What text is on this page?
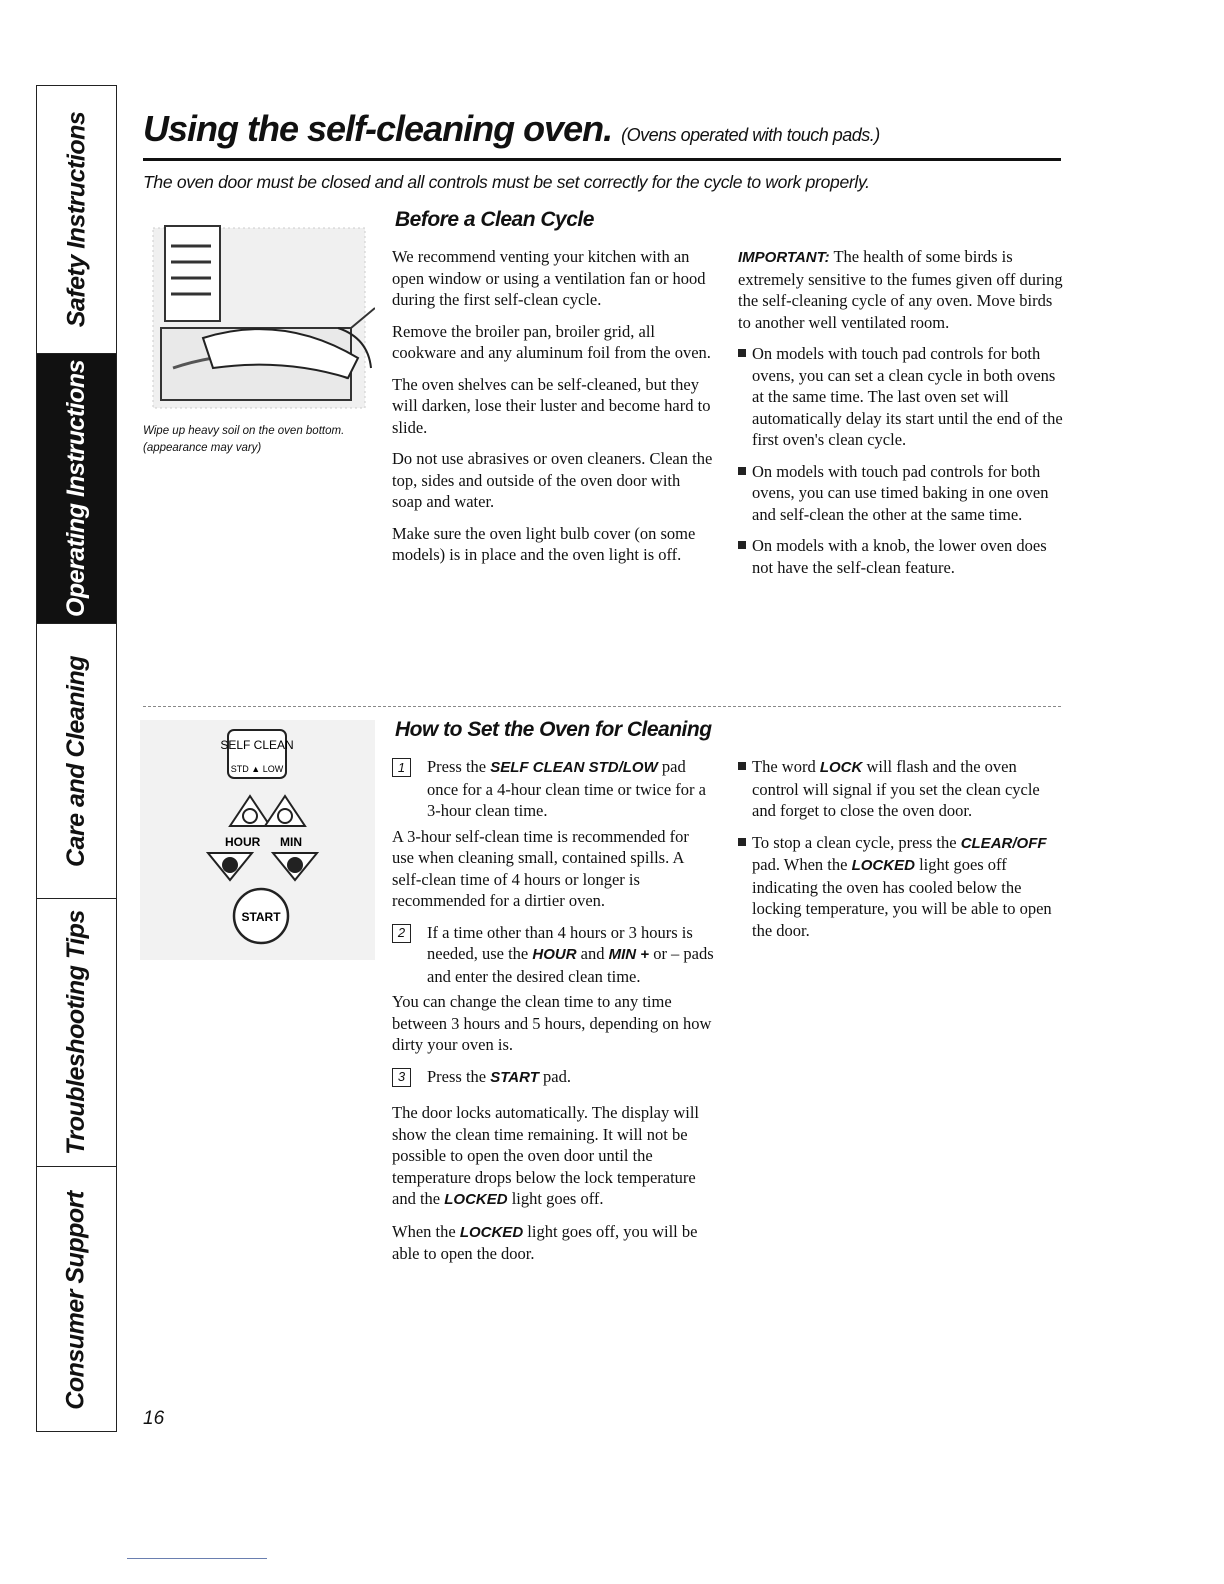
Safety Instructions
Operating Instructions
Care and Cleaning
Troubleshooting Tips
Consumer Support
Using the self-cleaning oven. (Ovens operated with touch pads.)
The oven door must be closed and all controls must be set correctly for the cycle to work properly.
Wipe up heavy soil on the oven bottom. (appearance may vary)
Before a Clean Cycle

We recommend venting your kitchen with an open window or using a ventilation fan or hood during the first self-clean cycle.

Remove the broiler pan, broiler grid, all cookware and any aluminum foil from the oven.

The oven shelves can be self-cleaned, but they will darken, lose their luster and become hard to slide.

Do not use abrasives or oven cleaners. Clean the top, sides and outside of the oven door with soap and water.

Make sure the oven light bulb cover (on some models) is in place and the oven light is off.

IMPORTANT: The health of some birds is extremely sensitive to the fumes given off during the self-cleaning cycle of any oven. Move birds to another well ventilated room.

On models with touch pad controls for both ovens, you can set a clean cycle in both ovens at the same time. The last oven set will automatically delay its start until the end of the first oven's clean cycle.
On models with touch pad controls for both ovens, you can use timed baking in one oven and self-clean the other at the same time.
On models with a knob, the lower oven does not have the self-clean feature.
SELF CLEAN
STD ▲ LOW
HOUR MIN
START
How to Set the Oven for Cleaning
1	Press the SELF CLEAN STD/LOW pad once for a 4-hour clean time or twice for a 3-hour clean time.

A 3-hour self-clean time is recommended for use when cleaning small, contained spills. A self-clean time of 4 hours or longer is recommended for a dirtier oven.

2	If a time other than 4 hours or 3 hours is needed, use the HOUR and MIN + or – pads and enter the desired clean time.

You can change the clean time to any time between 3 hours and 5 hours, depending on how dirty your oven is.

3	Press the START pad.

The door locks automatically. The display will show the clean time remaining. It will not be possible to open the oven door until the temperature drops below the lock temperature and the LOCKED light goes off.

When the LOCKED light goes off, you will be able to open the door.

The word LOCK will flash and the oven control will signal if you set the clean cycle and forget to close the oven door.
To stop a clean cycle, press the CLEAR/OFF pad. When the LOCKED light goes off indicating the oven has cooled below the locking temperature, you will be able to open the door.
16
